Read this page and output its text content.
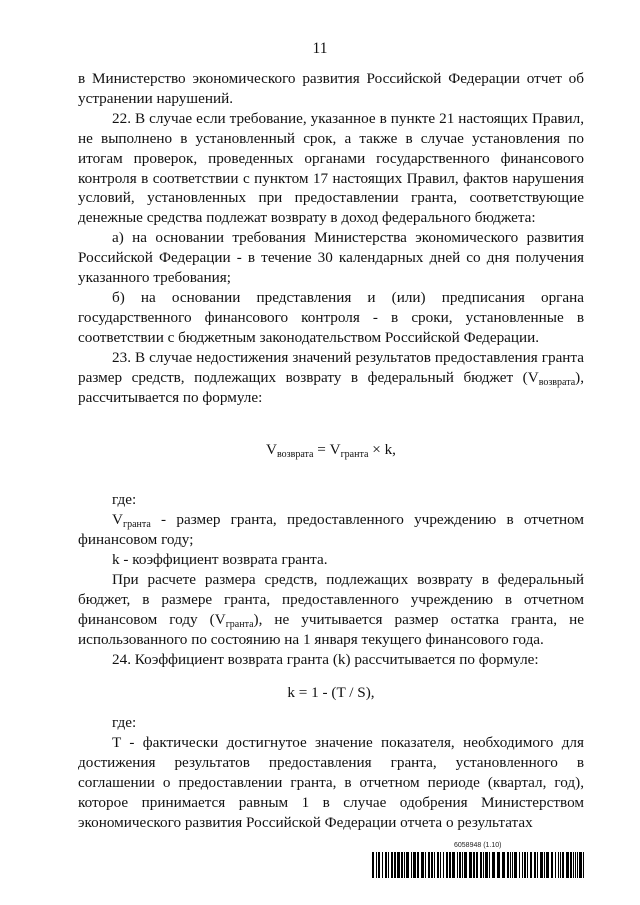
11

в Министерство экономического развития Российской Федерации отчет об устранении нарушений.

22. В случае если требование, указанное в пункте 21 настоящих Правил, не выполнено в установленный срок, а также в случае установления по итогам проверок, проведенных органами государственного финансового контроля в соответствии с пунктом 17 настоящих Правил, фактов нарушения условий, установленных при предоставлении гранта, соответствующие денежные средства подлежат возврату в доход федерального бюджета:

а) на основании требования Министерства экономического развития Российской Федерации - в течение 30 календарных дней со дня получения указанного требования;

б) на основании представления и (или) предписания органа государственного финансового контроля - в сроки, установленные в соответствии с бюджетным законодательством Российской Федерации.

23. В случае недостижения значений результатов предоставления гранта размер средств, подлежащих возврату в федеральный бюджет $(V_{возврата})$, рассчитывается по формуле:

$V_{возврата} = V_{гранта} \times k$,

где:

$V_{гранта}$ - размер гранта, предоставленного учреждению в отчетном финансовом году;

k - коэффициент возврата гранта.

При расчете размера средств, подлежащих возврату в федеральный бюджет, в размере гранта, предоставленного учреждению в отчетном финансовом году $(V_{гранта})$, не учитывается размер остатка гранта, не использованного по состоянию на 1 января текущего финансового года.

24. Коэффициент возврата гранта (k) рассчитывается по формуле:

k = 1 - (T / S),

где:

T - фактически достигнутое значение показателя, необходимого для достижения результатов предоставления гранта, установленного в соглашении о предоставлении гранта, в отчетном периоде (квартал, год), которое принимается равным 1 в случае одобрения Министерством экономического развития Российской Федерации отчета о результатах

6058948 (1.10)
